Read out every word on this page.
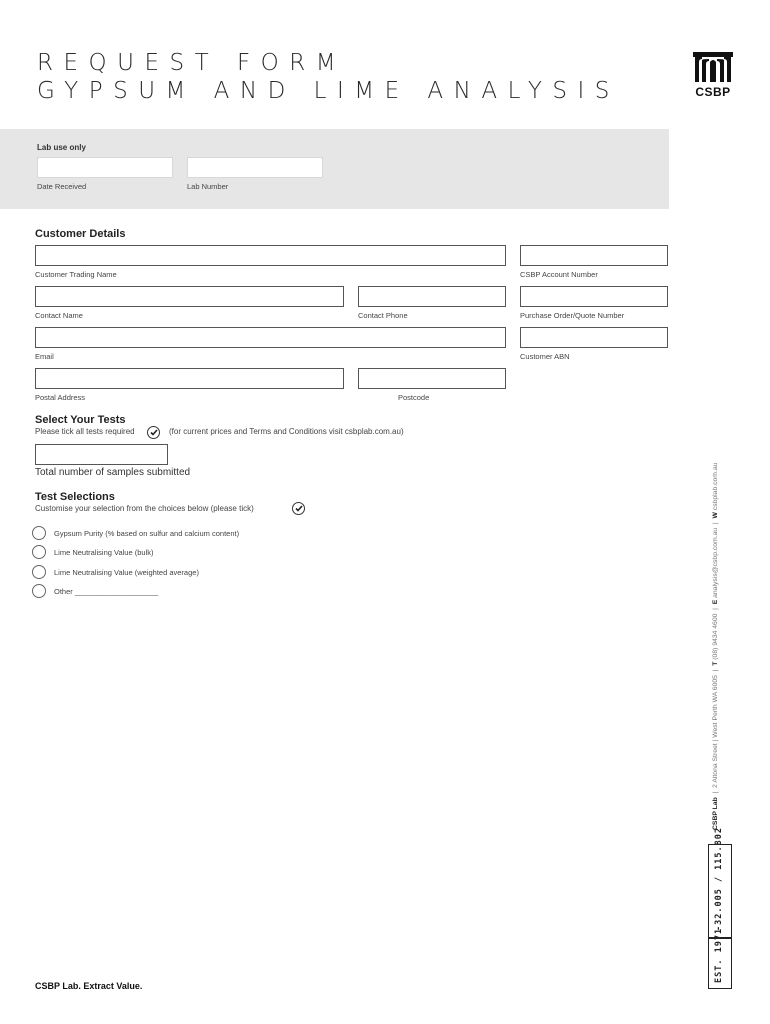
REQUEST FORM
GYPSUM AND LIME ANALYSIS	CSBP
Lab use only
Date Received	Lab Number
Customer Details
Customer Trading Name	CSBP Account Number
Contact Name	Contact Phone	Purchase Order/Quote Number
Email	Customer ABN
Postal Address	Postcode
Select Your Tests
Please tick all tests required	(for current prices and Terms and Conditions visit csbplab.com.au)
Total number of samples submitted
Test Selections
Customise your selection from the choices below (please tick)
Gypsum Purity (% based on sulfur and calcium content)
Lime Neutralising Value (bulk)
Lime Neutralising Value (weighted average)
Other ____________________
CSBP Lab  |  2 Altona Street | West Perth WA 6005  |  T (08) 9434 4600  |  E analysis@csbp.com.au  |  W csbplab.com.au
-32.005 / 115.802
EST. 1971
CSBP Lab. Extract Value.
